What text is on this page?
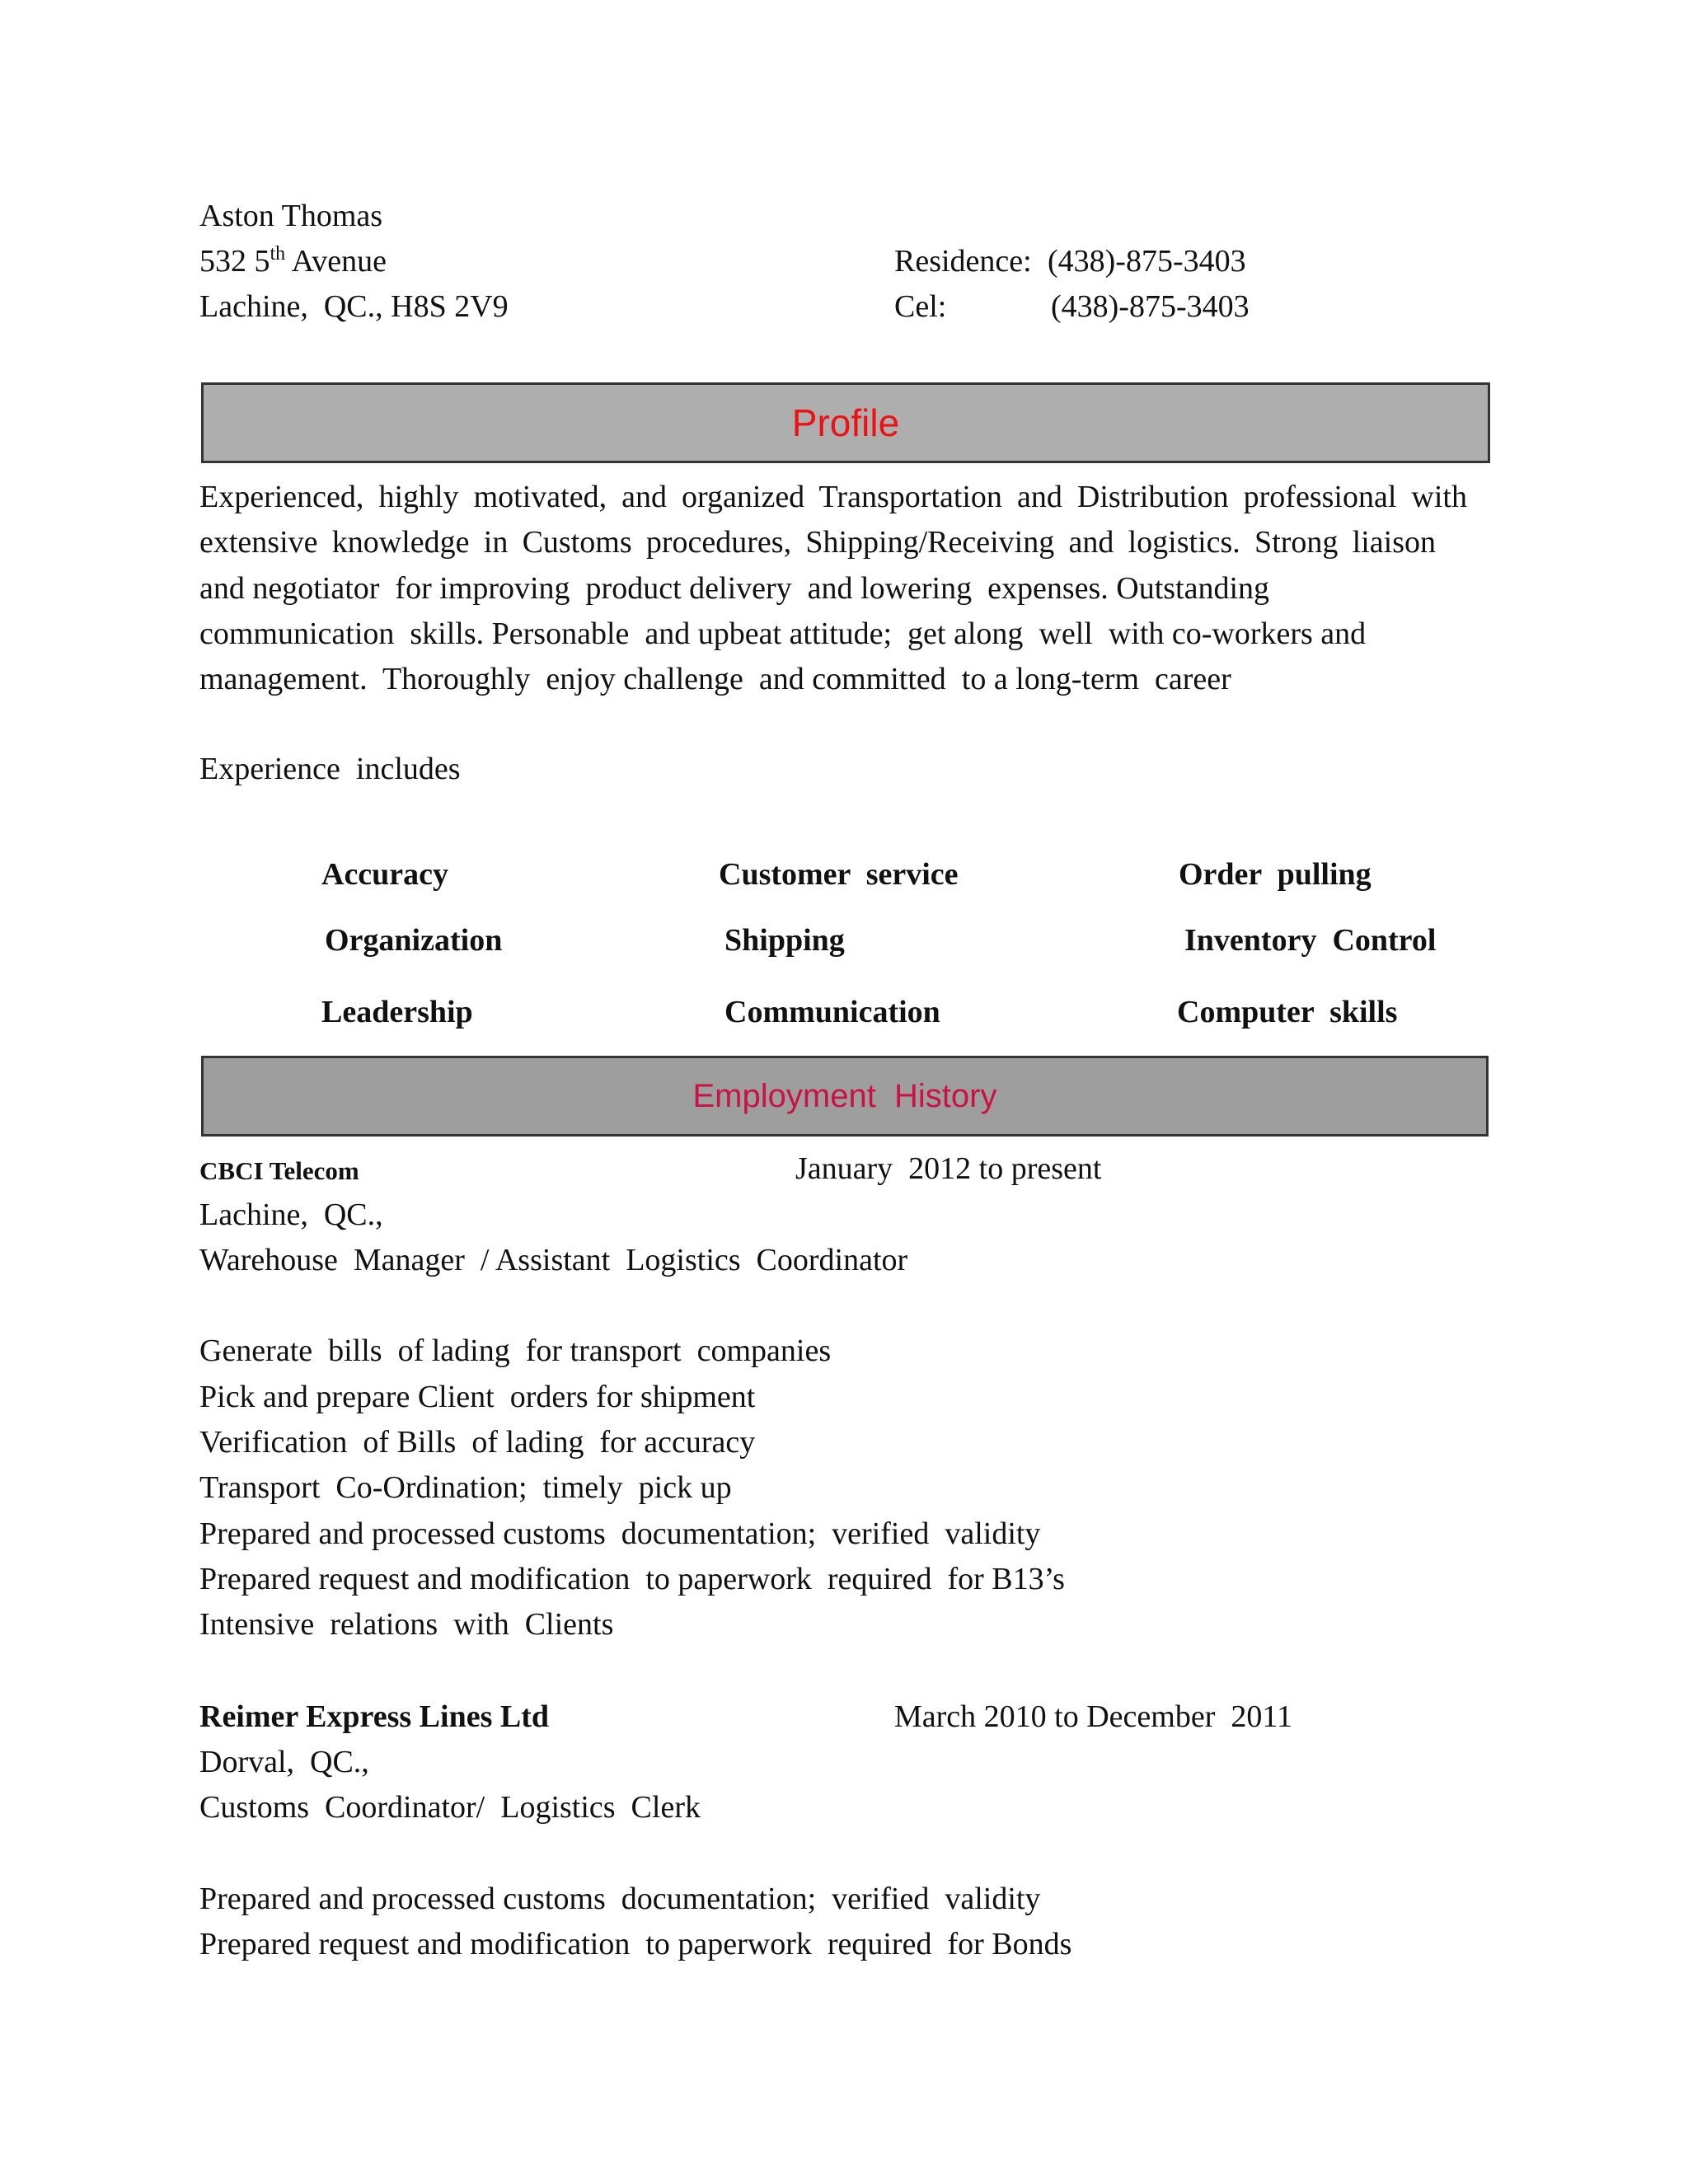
Aston Thomas
532 5th Avenue
Lachine,  QC., H8S 2V9
Residence: (438)-875-3403
Cel:	(438)-875-3403
Profile
Experienced, highly motivated, and organized Transportation and Distribution professional with
extensive knowledge in Customs procedures, Shipping/Receiving and logistics. Strong liaison
and negotiator  for improving  product delivery  and lowering  expenses. Outstanding
communication  skills. Personable  and upbeat attitude;  get along  well  with co-workers and
management.  Thoroughly  enjoy challenge  and committed  to a long-term  career
Experience  includes
Accuracy	Customer  service	Order  pulling
Organization	Shipping	Inventory  Control
Leadership	Communication	Computer  skills
Employment  History
CBCI Telecom	January  2012 to present
Lachine,  QC.,
Warehouse  Manager  / Assistant  Logistics  Coordinator
Generate  bills  of lading  for transport  companies
Pick and prepare Client  orders for shipment
Verification  of Bills  of lading  for accuracy
Transport  Co-Ordination;  timely  pick up
Prepared and processed customs  documentation;  verified  validity
Prepared request and modification  to paperwork  required  for B13’s
Intensive  relations  with  Clients
Reimer Express Lines Ltd	March 2010 to December  2011
Dorval,  QC.,
Customs  Coordinator/  Logistics  Clerk
Prepared and processed customs  documentation;  verified  validity
Prepared request and modification  to paperwork  required  for Bonds
